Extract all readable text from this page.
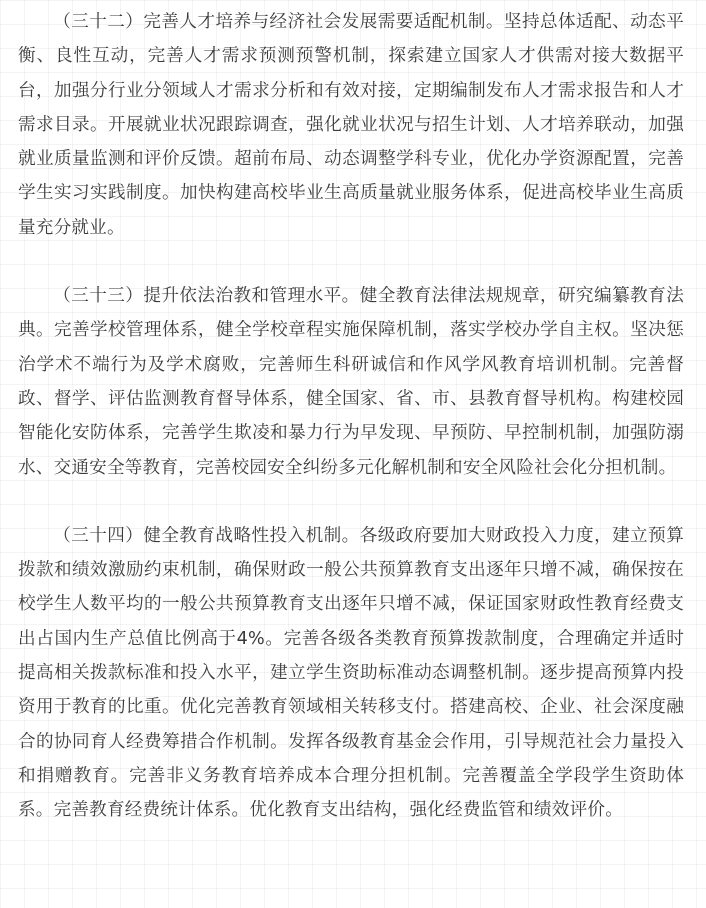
（三十二）完善人才培养与经济社会发展需要适配机制。坚持总体适配、动态平衡、良性互动，完善人才需求预测预警机制，探索建立国家人才供需对接大数据平台，加强分行业分领域人才需求分析和有效对接，定期编制发布人才需求报告和人才需求目录。开展就业状况跟踪调查，强化就业状况与招生计划、人才培养联动，加强就业质量监测和评价反馈。超前布局、动态调整学科专业，优化办学资源配置，完善学生实习实践制度。加快构建高校毕业生高质量就业服务体系，促进高校毕业生高质量充分就业。

（三十三）提升依法治教和管理水平。健全教育法律法规规章，研究编纂教育法典。完善学校管理体系，健全学校章程实施保障机制，落实学校办学自主权。坚决惩治学术不端行为及学术腐败，完善师生科研诚信和作风学风教育培训机制。完善督政、督学、评估监测教育督导体系，健全国家、省、市、县教育督导机构。构建校园智能化安防体系，完善学生欺凌和暴力行为早发现、早预防、早控制机制，加强防溺水、交通安全等教育，完善校园安全纠纷多元化解机制和安全风险社会化分担机制。

（三十四）健全教育战略性投入机制。各级政府要加大财政投入力度，建立预算拨款和绩效激励约束机制，确保财政一般公共预算教育支出逐年只增不减，确保按在校学生人数平均的一般公共预算教育支出逐年只增不减，保证国家财政性教育经费支出占国内生产总值比例高于4%。完善各级各类教育预算拨款制度，合理确定并适时提高相关拨款标准和投入水平，建立学生资助标准动态调整机制。逐步提高预算内投资用于教育的比重。优化完善教育领域相关转移支付。搭建高校、企业、社会深度融合的协同育人经费筹措合作机制。发挥各级教育基金会作用，引导规范社会力量投入和捐赠教育。完善非义务教育培养成本合理分担机制。完善覆盖全学段学生资助体系。完善教育经费统计体系。优化教育支出结构，强化经费监管和绩效评价。
